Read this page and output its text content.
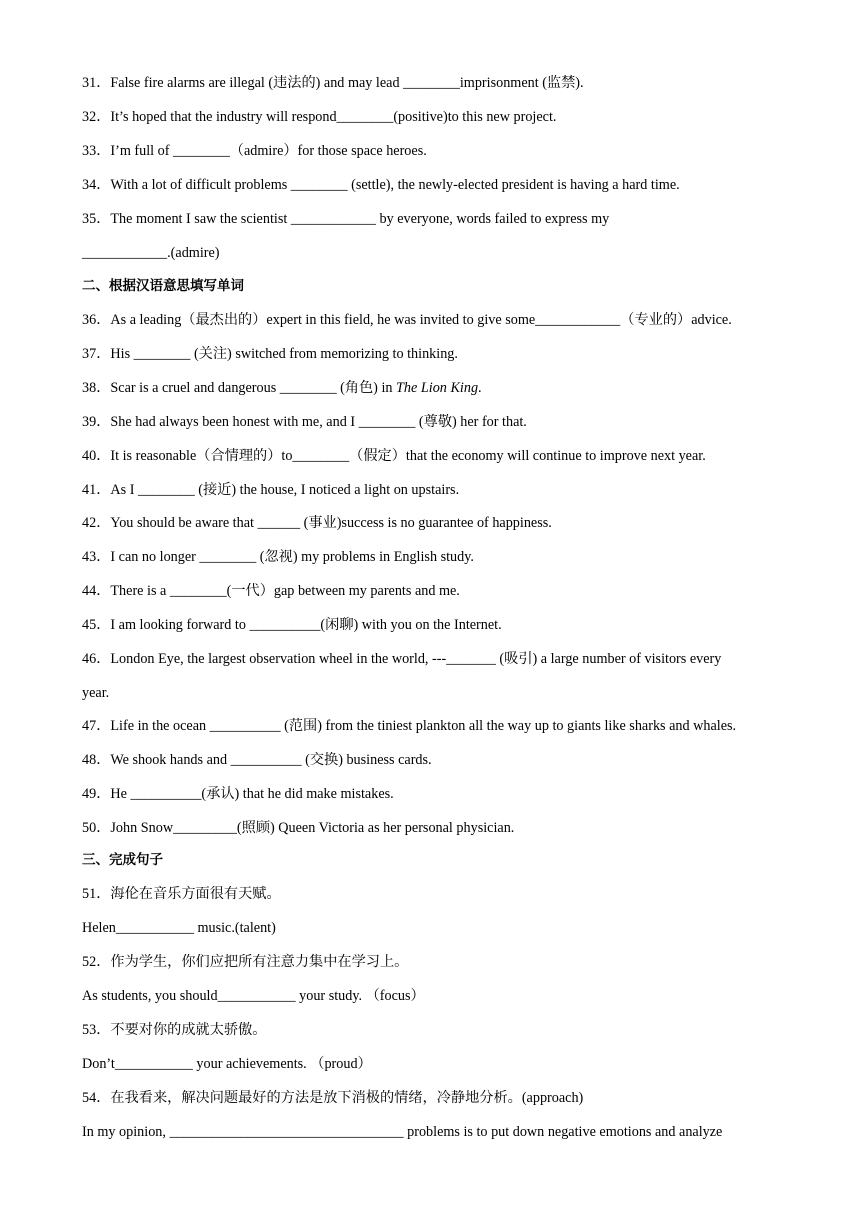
31．False fire alarms are illegal (违法的) and may lead ________imprisonment (监禁).
32．It’s hoped that the industry will respond________(positive)to this new project.
33．I’m full of ________（admire）for those space heroes.
34．With a lot of difficult problems ________ (settle), the newly-elected president is having a hard time.
35．The moment I saw the scientist ____________ by everyone, words failed to express my
____________.(admire)
二、根据汉语意思填写单词
36．As a leading（最杰出的）expert in this field, he was invited to give some____________（专业的）advice.
37．His ________ (关注) switched from memorizing to thinking.
38．Scar is a cruel and dangerous ________ (角色) in The Lion King.
39．She had always been honest with me, and I ________ (尊敬) her for that.
40．It is reasonable（合情理的）to________（假定）that the economy will continue to improve next year.
41．As I ________ (接近) the house, I noticed a light on upstairs.
42．You should be aware that ______ (事业)success is no guarantee of happiness.
43．I can no longer ________ (忽视) my problems in English study.
44．There is a ________(一代）gap between my parents and me.
45．I am looking forward to __________(闲聊) with you on the Internet.
46．London Eye, the largest observation wheel in the world, ---_______ (吸引) a large number of visitors every
year.
47．Life in the ocean __________ (范围) from the tiniest plankton all the way up to giants like sharks and whales.
48．We shook hands and __________ (交换) business cards.
49．He __________(承认) that he did make mistakes.
50．John Snow_________(照顾) Queen Victoria as her personal physician.
三、完成句子
51．海伦在音乐方面很有天赋。
Helen___________ music.(talent)
52．作为学生，你们应把所有注意力集中在学习上。
As students, you should___________ your study. （focus）
53．不要对你的成就太骄傲。
Don’t___________ your achievements. （proud）
54．在我看来，解决问题最好的方法是放下消极的情绪，冷静地分析。(approach)
In my opinion, _________________________________ problems is to put down negative emotions and analyze
